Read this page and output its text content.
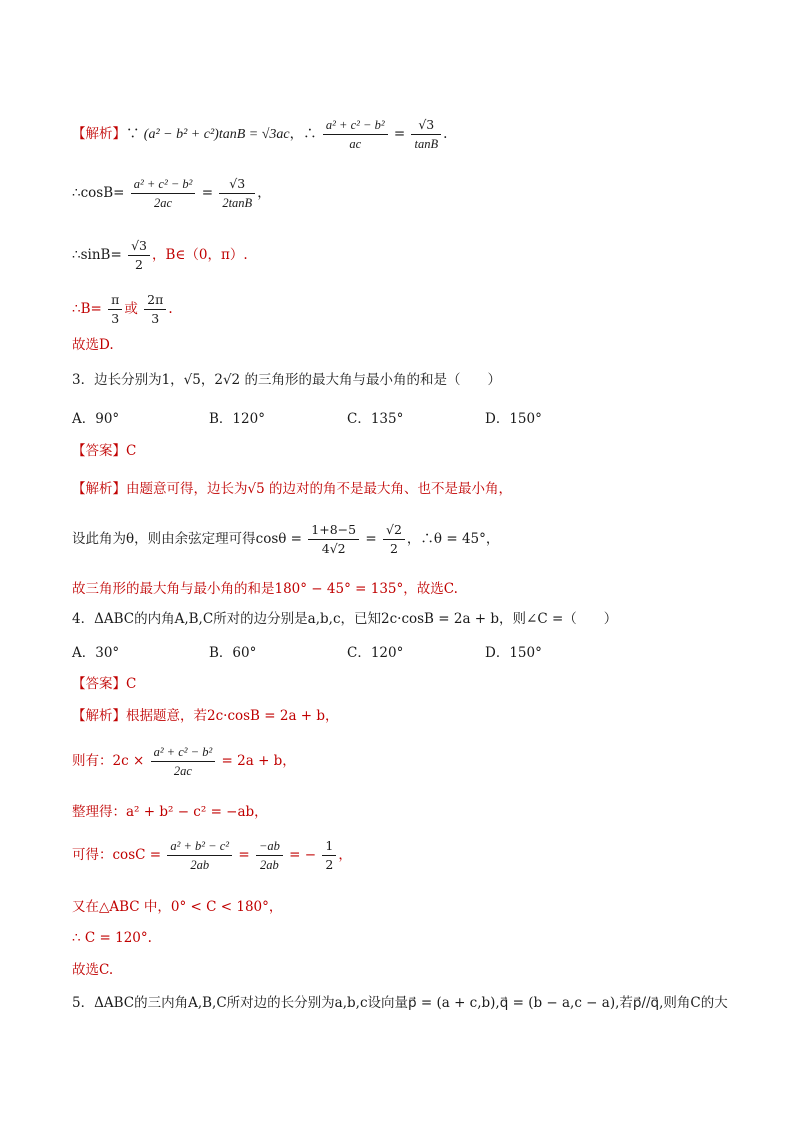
【解析】∵ (a² − b² + c²)tanB = √3ac，∴ $\frac{\text{a² + c² − b²}}{ac} = \frac{√3}{\tan B}$ .
∴cosB= $\frac{\text{a² + c² − b²}}{2ac} = \frac{√3}{2\tan B}$ ，
∴sinB= $\frac{√3}{2}$ ，B∈（0，π）.
∴B= $\frac{\pi}{3}$ 或 $\frac{2\pi}{3}$ .
故选D.
3．边长分别为1，√5，2√2 的三角形的最大角与最小角的和是（　　）
A．90°	B．120°	C．135°	D．150°
【答案】C
【解析】由题意可得，边长为√5 的边对的角不是最大角、也不是最小角，
设此角为θ，则由余弦定理可得$\cos\theta = \frac{1+8-5}{4√2} = \frac{√2}{2}$ ，∴θ = 45°，
故三角形的最大角与最小角的和是180° − 45° = 135°，故选C.
4．ΔABC的内角A,B,C所对的边分别是a,b,c，已知2c·cosB = 2a + b，则∠C =（　　）
A．30°	B．60°	C．120°	D．150°
【答案】C
【解析】根据题意，若2c·cosB = 2a + b，
则有：$2c \times \frac{\text{a² + c² − b²}}{2ac} = 2a + b$，
整理得：a² + b² − c² = −ab，
可得：$\cos C = \frac{\text{a² + b² − c²}}{2ab} = \frac{-ab}{2ab}$ = − $\frac{1}{2}$ ，
又在△ABC 中，0° < C < 180°，
∴ C = 120°.
故选C.
5．ΔABC的三内角A,B,C所对边的长分别为a,b,c设向量p⃗ = (a + c,b),q⃗ = (b − a,c − a),若p⃗//q⃗,则角C的大
